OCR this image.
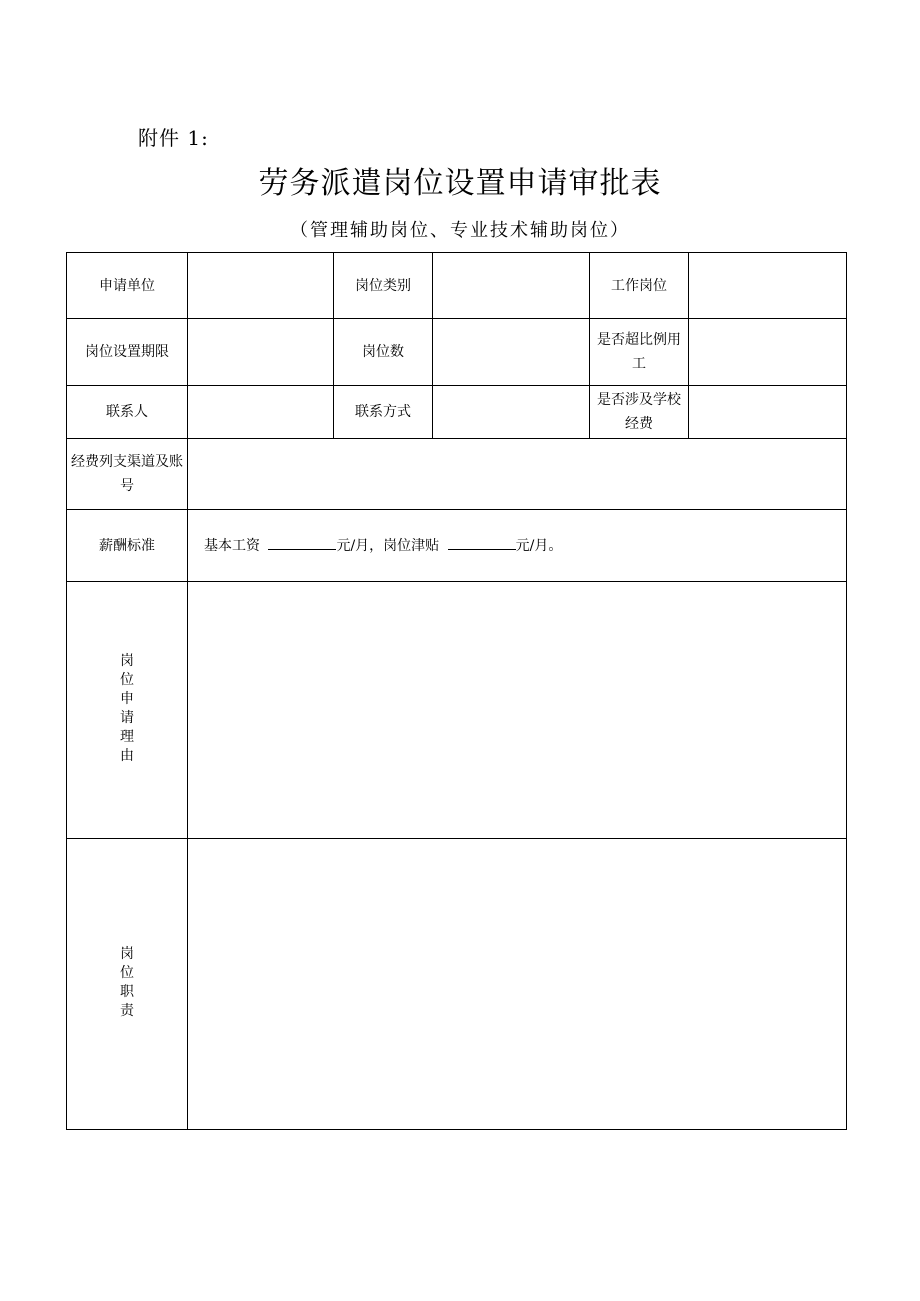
附件 1:
劳务派遣岗位设置申请审批表
（管理辅助岗位、专业技术辅助岗位）
申请单位		岗位类别		工作岗位	
岗位设置期限		岗位数		是否超比例用工	
联系人		联系方式		是否涉及学校经费	
经费列支渠道及账号					
薪酬标准	基本工资 元/月，岗位津贴 元/月。				
岗位申请理由					
岗位职责					
